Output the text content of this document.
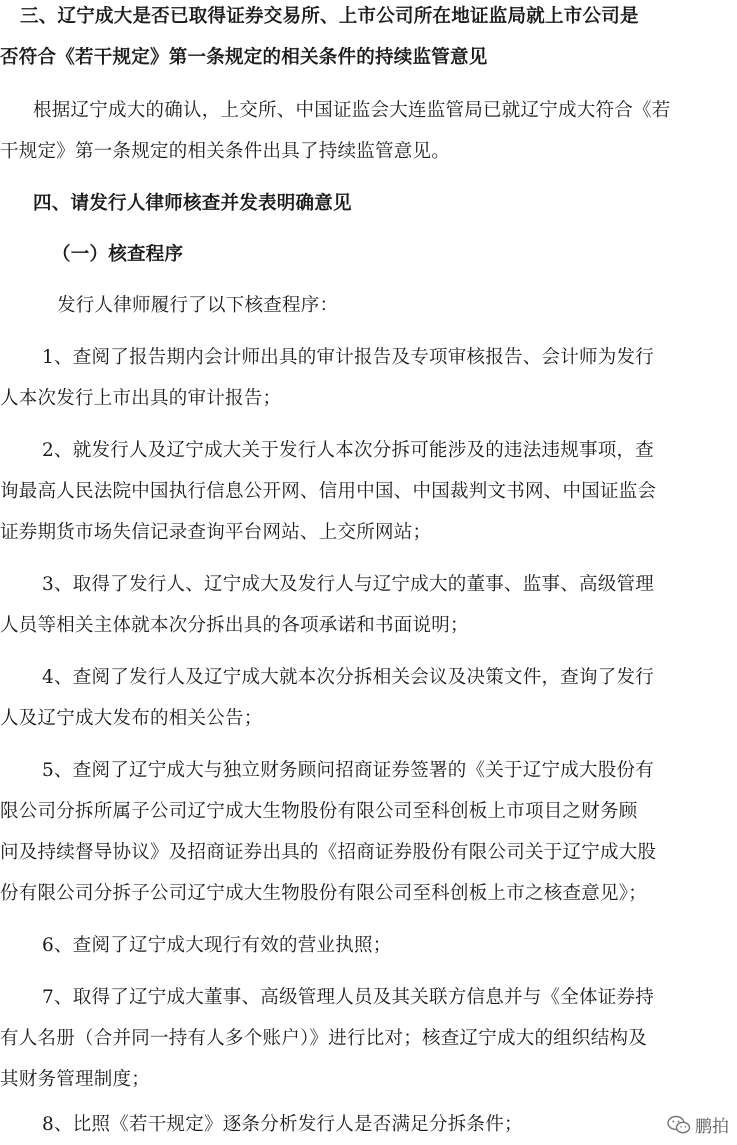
三、辽宁成大是否已取得证券交易所、上市公司所在地证监局就上市公司是
否符合《若干规定》第一条规定的相关条件的持续监管意见
根据辽宁成大的确认，上交所、中国证监会大连监管局已就辽宁成大符合《若
干规定》第一条规定的相关条件出具了持续监管意见。
四、请发行人律师核查并发表明确意见
（一）核查程序
发行人律师履行了以下核查程序：
1、查阅了报告期内会计师出具的审计报告及专项审核报告、会计师为发行
人本次发行上市出具的审计报告；
2、就发行人及辽宁成大关于发行人本次分拆可能涉及的违法违规事项，查
询最高人民法院中国执行信息公开网、信用中国、中国裁判文书网、中国证监会
证券期货市场失信记录查询平台网站、上交所网站；
3、取得了发行人、辽宁成大及发行人与辽宁成大的董事、监事、高级管理
人员等相关主体就本次分拆出具的各项承诺和书面说明；
4、查阅了发行人及辽宁成大就本次分拆相关会议及决策文件，查询了发行
人及辽宁成大发布的相关公告；
5、查阅了辽宁成大与独立财务顾问招商证券签署的《关于辽宁成大股份有
限公司分拆所属子公司辽宁成大生物股份有限公司至科创板上市项目之财务顾
问及持续督导协议》及招商证券出具的《招商证券股份有限公司关于辽宁成大股
份有限公司分拆子公司辽宁成大生物股份有限公司至科创板上市之核查意见》；
6、查阅了辽宁成大现行有效的营业执照；
7、取得了辽宁成大董事、高级管理人员及其关联方信息并与《全体证券持
有人名册（合并同一持有人多个账户）》进行比对；核查辽宁成大的组织结构及
其财务管理制度；
8、比照《若干规定》逐条分析发行人是否满足分拆条件；	鹏拍
